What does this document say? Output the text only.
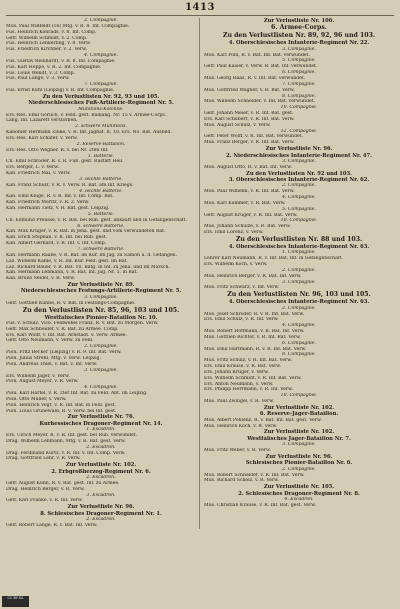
1413
2. Compagnie.
Mus. Paul Wißfeldt (16) Mtg. v. R. 8. Inf. Compagnie.
Füs. Heinrich Konrads, v. 8. Inf. Comp.
Gefr. Wilhelm Schmidt, v. 2. Comp.
Füs. Heinrich Lenkerling, v. 8. Verw.
Füs. Friedrich Kirchner, v. 2. Verw.
4. Compagnie.
Füs. Gustav Reinhardt, v. R. 8. Inf. Compagnie.
Füs. Karl Hoppe, v. R. 2. Inf. Compagnie.
Füs. Louis Wendt, v. 3. Comp.
Füs. Paul Lange, v. 3. Verw.
7. Compagnie.
Füs. Ernst Kühl (Leipzig) v. R. Inf. Compagnie.
Zu den Verlustlisten Nr. 92, 93 und 105.
Niederschlesisches Fuß-Artillerie-Regiment Nr. 5.
Munitions-Kolonne.
Ers.-Res. Emil Görlich, v. Feld. gest. Balkang. Nr. 15 v. Armee-Corps.
Lang. Inf. Lazarett verstorben.
2. schwere Munitions.
Kanonier Hermann Zinke, v. R. Inf. Jägbat. lt. 10. Ers. No. Bat. Ausbild.
Ers.-Res. Karl Schäfer, v. Verw.
2. Reserve-Battalion.
Ers.-Res. Otto Wegner, R. v. bei Nr. 2ten Inf.
1. Batterie.
Ch. Emil Schröder, R. v. R. Fuß. gest. Rastatt Heil.
Ers. Berger, L. v. Verw.
Kan. Friedrich Mai, v. Verw.
3. leichte Batterie.
Kan. Franz Schulz, v. R. v. Verw. R. Bat. am Inf. Kriegs.
4. leichte Batterie.
Kan. Emil Kluge, R. v. R. Inf. v. Inf. Comp. Bat.
Kan. Friedrich Moritz, v. R. 2. Verw.
Kan. Hermann Tietz, v. R. Bat. gest. Leipzig.
5. Batterie.
Ch. Edmund Preusse, v. R. Bat. bei Rüb. gest. abkäuft und in Gefangenschaft.
6. schwere Batterie.
Kan. Max Krüger, v. R. Bat. in Jena. gest. und vom verwundeten Bat.
Kan. Erich Stephan, v. R. Inf. bei Rüb. gest.
Kan. Albert Gerhard, v. R. Inf. v. Inf. Comp.
7. schwere Batterie.
Kan. Hermann Raabe, v. R. Bat. im Kur. im Jäg. zu Samon u. d. Gefangen.
Laz. Wilhelm Kahle, v. R. Inf. Kur. Feld. gest. im Bat.
Laz. Richard Bauer, v. R. Bat. 10. Batg. in Inf. zu Jena. und im Marsch.
Kan. Hermann Lehmann, v. R. Bat. Inf. Jäg. Nr. 5. in Bat.
Kan. Bruno Seidel, v. R. Verw.
Zur Verlustliste Nr. 89.
Niederschlesisches Festungs-Artillerie-Regiment Nr. 5.
3. Compagnie.
Gefr. Gottlieb Kühne, R. v. Bat. in Festungs-Compagnie.
Zu den Verlustlisten Nr. 85, 96, 103 und 105.
Westfälisches Pionier-Bataillon Nr. 10.
Füs. v. Schulz. Vice. Feldwebel Franz, R. v. Bat. zu Morgen. Verw.
Gefr. Max Schneider, v. R. Bat. zu Armee. Comp.
Ers. Karl Wolff, v. Inf. Bat. Arnstadt. v. Verw. Armee.
Gefr. Otto Neumann, v. Verw. zu Feld.
2. Compagnie.
Pion. Fritz Becker (Leipzig) v. R. 9. Inf. Bat. Verw.
Pion. Julius Strehl, Mtg. v. Verw. Leipzig.
Pion. Andreas Thiel, v. Bat. v. Inf. Verw.
3. Compagnie.
Ers. Wilhelm Jäger, v. Verw.
Pion. August Meyer, v. R. Verw.
4. Compagnie.
Pion. Karl Hartel, v. R. 2ter Inf. Bat. zu Feld. Abt. im Leipzig.
Pion. Otto Müller, v. Verw.
Pion. Heinrich Vogt, v. R. Inf. Bat. in Feld. gest.
Pion. Louis Grunewald, R. v. Verw. bei Inf. gest.
Zur Verlustliste Nr. 76.
Kurhessisches Dragoner-Regiment Nr. 14.
1. Escadron.
Ers. Ulrich Meyer, R. v. R. Inf. gest. bei Rüb. verwundet.
Drag. Wilhelm Lehmann, Mtg. v. R. Bat. gest. Verw.
2. Escadron.
Drag. Ferdinand Kurtz, v. R. Inf. v. Inf. Comp. Verw.
Drag. Gottfried Lehr, v. R. Verw.
Zur Verlustliste Nr. 102.
2. Erbgroßherzog-Regiment Nr. 6.
2. Escadron.
Gefr. August Kühn, R. v. Bat. gest. Inf. zu Armee.
Drag. Heinrich Berger, v. R. Verw.
3. Escadron.
Gefr. Karl Franke, v. R. Inf. Verw.
Zur Verlustliste Nr. 96.
8. Schlesisches Dragoner-Regiment Nr. 1.
2. Escadron.
Gefr. Robert Lange, R. v. Bat. Inf. Verw.
Zur Verlustliste Nr. 106.
6. Armee-Corps.
Zu den Verlustlisten Nr. 89, 92, 96 und 103.
4. Oberschlesisches Infanterie-Regiment Nr. 22.
3. Compagnie.
Mus. Karl Pohl, R. v. Bat. Inf. Bat. verwundet.
5. Compagnie.
Gefr. Paul Kaiser, v. Verw. R. Bat. Inf. verwundet.
6. Compagnie.
Mus. Georg Haas, R. v. Inf. Bat. verwundet.
7. Compagnie.
Mus. Gottfried Wagner, v. R. Bat. Verw.
8. Compagnie.
Mus. Wilhelm Schneider, v. Inf. Bat. verwundet.
10. Compagnie.
Gefr. Johann Meier, v. R. Inf. Bat. gest.
Ers. Karl Schubert, v. R. Inf. Bat. Verw.
Mus. August Schulz, v. Verw.
12. Compagnie.
Gefr. Peter Wolff, v. R. Inf. Bat. verwundet.
Mus. Franz Berger, v. R. Inf. Bat. Verw.
Zur Verlustliste Nr. 96.
2. Niederschlesisches Infanterie-Regiment Nr. 47.
3. Compagnie.
Mus. August Otto, R. v. Bat. Inf. Verw.
Zu den Verlustlisten Nr. 92 und 103.
3. Oberschlesisches Infanterie-Regiment Nr. 62.
2. Compagnie.
Mus. Paul Wilhelm, v. R. Inf. Bat. Verw.
4. Compagnie.
Mus. Karl Kummer, v. R. Bat. Verw.
5. Compagnie.
Gefr. August Krüger, v. R. Inf. Bat. Verw.
10. Compagnie.
Mus. Johann Schulze, v. R. Bat. Verw.
Ers. Emil Lorenz, v. Verw.
Zu den Verlustlisten Nr. 88 und 103.
4. Oberschlesisches Infanterie-Regiment Nr. 63.
1. Compagnie.
Lehrer Karl Neumann, R. v. Inf. Bat. Inf. in Gefangenschaft.
Ers. Wilhelm Koch, v. Verw.
2. Compagnie.
Mus. Heinrich Berger, v. R. Bat. Inf. Verw.
3. Compagnie.
Mus. Fritz Schwarz, v. Inf. Verw.
Zu den Verlustlisten Nr. 96, 103 und 105.
4. Oberschlesisches Infanterie-Regiment Nr. 63.
2. Compagnie.
Mus. Josef Schröder, R. v. R. Inf. Bat. Verw.
Ers. Emil Schulz, v. R. Inf. Verw.
4. Compagnie.
Mus. Robert Hoffmann, v. R. Bat. Inf. Verw.
Mus. Gottlieb Richter, v. R. Inf. Bat. Verw.
6. Compagnie.
Mus. Emil Hartmann, R. v. R. Inf. Bat. Verw.
8. Compagnie.
Mus. Fritz Schulz, v. R. Inf. Bat. Verw.
Ers. Emil Krause, v. R. Bat. Verw.
Ers. Johann Krüger, v. Verw.
Ers. Wilhelm Schmidt, v. R. Inf. Bat. Verw.
Ers. Anton Neumann, v. Verw.
Ers. Philipp Herrmann, v. R. Inf. Verw.
10. Compagnie.
Mus. Paul Zwingel, v. R. Verw.
Zur Verlustliste Nr. 102.
6. Reserve-Jäger-Bataillon.
Mus. Albert Pohlenz, R. v. Bat. Inf. Bat. gest. Verw.
Mus. Heinrich Koch, v. R. Verw.
Zur Verlustliste Nr. 102.
Westfälisches Jäger-Bataillon Nr. 7.
3. Compagnie.
Mus. Fritz Weber, v. R. Verw.
Zur Verlustliste Nr. 96.
Schlesisches Pionier-Bataillon Nr. 6.
2. Compagnie.
Mus. Robert Schneider, v. R. Inf. Bat. Verw.
Mus. Richard Scholz, v. R. Verw.
Zur Verlustliste Nr. 105.
2. Schlesisches Dragoner-Regiment Nr. 8.
4. Escadron.
Mus. Christian Krause, v. R. Inf. Bat. gest. Verw.
CC BY-SA
